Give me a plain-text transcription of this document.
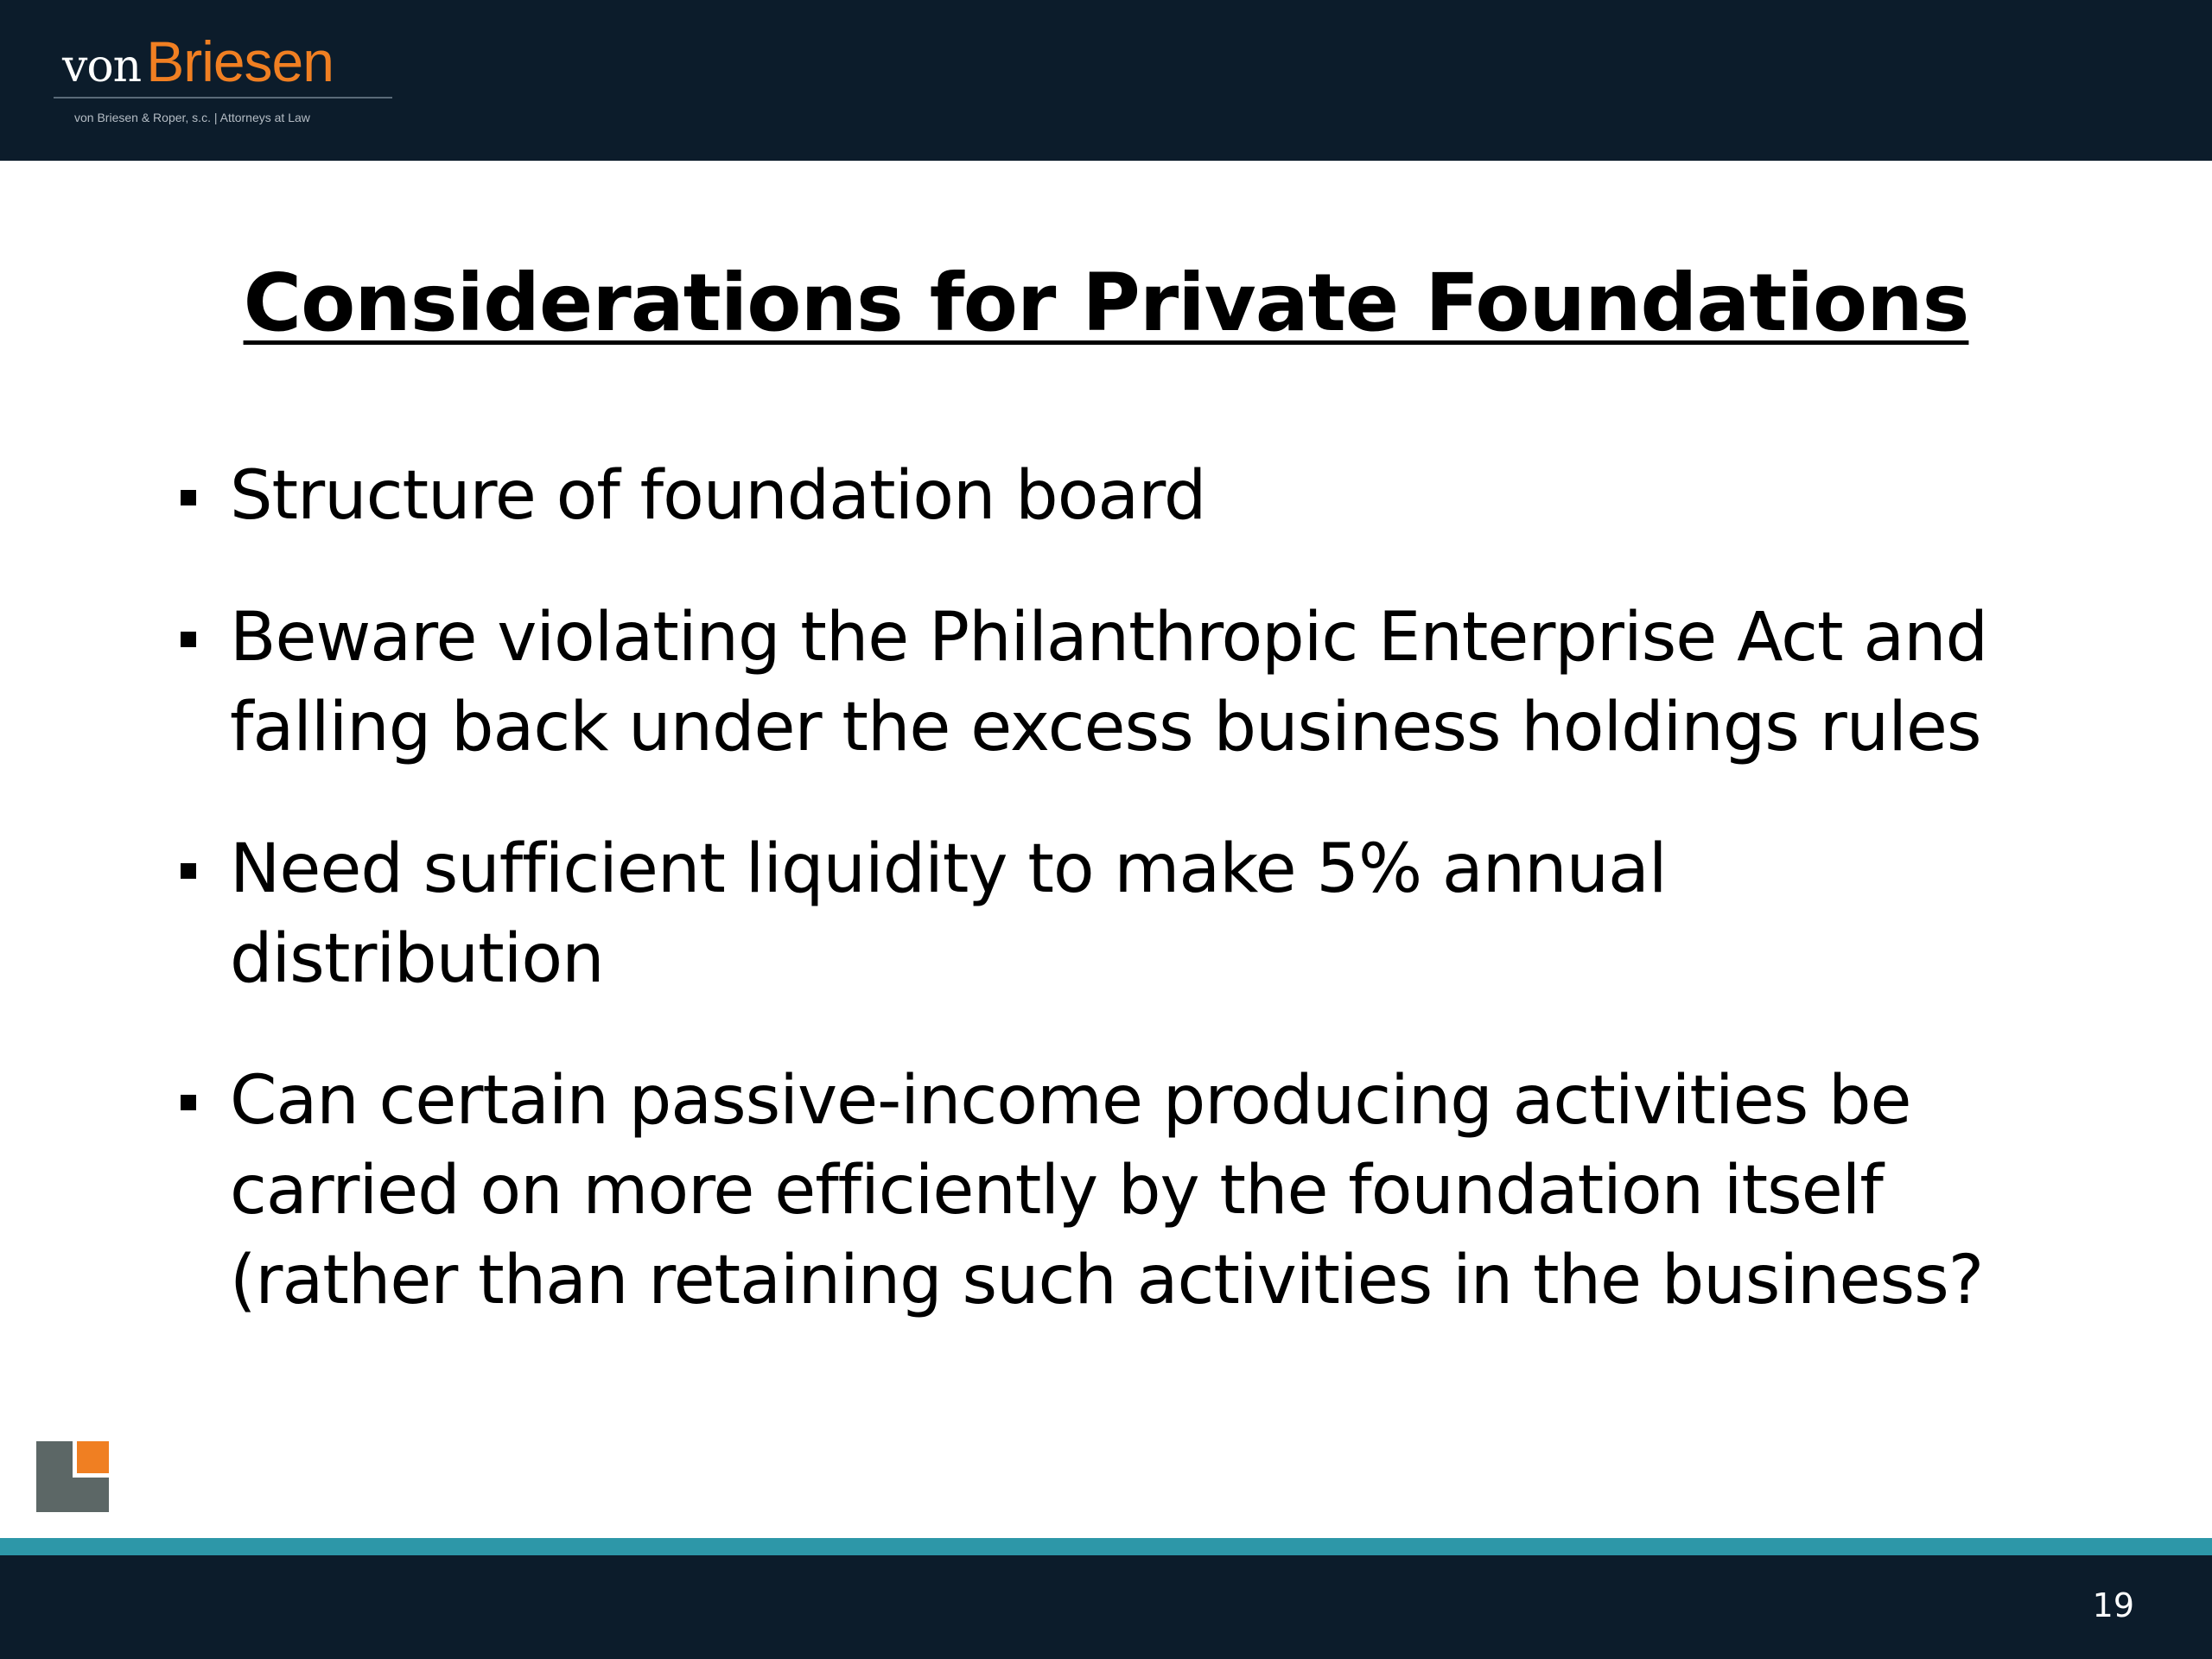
vonBriesen
von Briesen & Roper, s.c. | Attorneys at Law
Considerations for Private Foundations
Structure of foundation board
Beware violating the Philanthropic Enterprise Act and falling back under the excess business holdings rules
Need sufficient liquidity to make 5% annual distribution
Can certain passive-income producing activities be carried on more efficiently by the foundation itself (rather than retaining such activities in the business?
19
